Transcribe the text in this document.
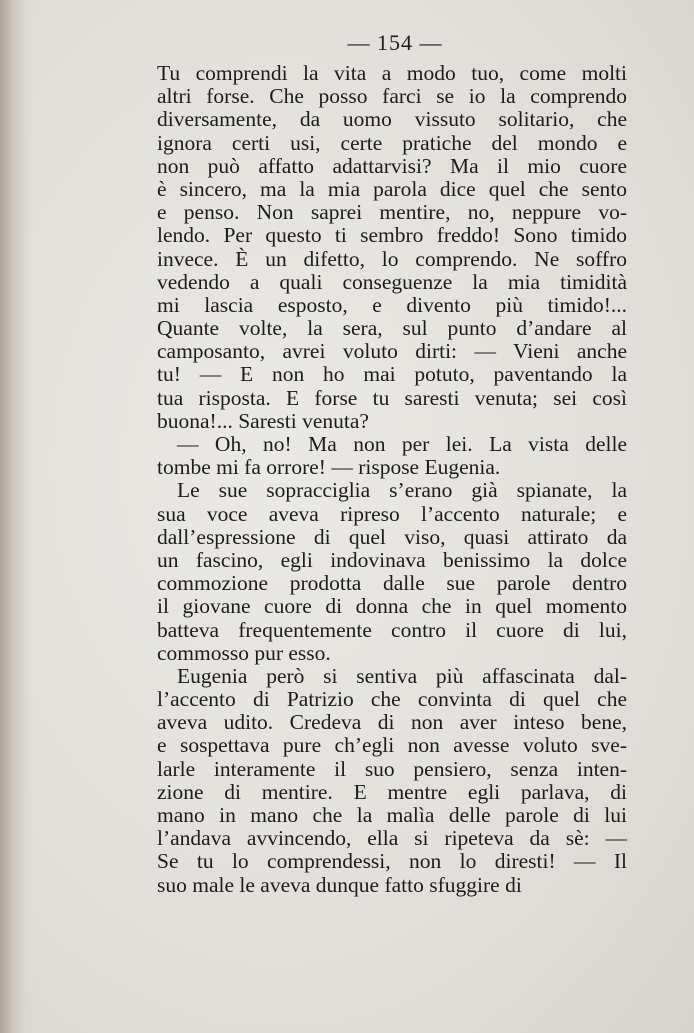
— 154 —
Tu comprendi la vita a modo tuo, come molti
altri forse. Che posso farci se io la comprendo
diversamente, da uomo vissuto solitario, che
ignora certi usi, certe pratiche del mondo e
non può affatto adattarvisi? Ma il mio cuore
è sincero, ma la mia parola dice quel che sento
e penso. Non saprei mentire, no, neppure vo-
lendo. Per questo ti sembro freddo! Sono timido
invece. È un difetto, lo comprendo. Ne soffro
vedendo a quali conseguenze la mia timidità
mi lascia esposto, e divento più timido!...
Quante volte, la sera, sul punto d’andare al
camposanto, avrei voluto dirti: — Vieni anche
tu! — E non ho mai potuto, paventando la
tua risposta. E forse tu saresti venuta; sei così
buona!... Saresti venuta?
— Oh, no! Ma non per lei. La vista delle
tombe mi fa orrore! — rispose Eugenia.
Le sue sopracciglia s’erano già spianate, la
sua voce aveva ripreso l’accento naturale; e
dall’espressione di quel viso, quasi attirato da
un fascino, egli indovinava benissimo la dolce
commozione prodotta dalle sue parole dentro
il giovane cuore di donna che in quel momento
batteva frequentemente contro il cuore di lui,
commosso pur esso.
Eugenia però si sentiva più affascinata dal-
l’accento di Patrizio che convinta di quel che
aveva udito. Credeva di non aver inteso bene,
e sospettava pure ch’egli non avesse voluto sve-
larle interamente il suo pensiero, senza inten-
zione di mentire. E mentre egli parlava, di
mano in mano che la malìa delle parole di lui
l’andava avvincendo, ella si ripeteva da sè: —
Se tu lo comprendessi, non lo diresti! — Il
suo male le aveva dunque fatto sfuggire di
